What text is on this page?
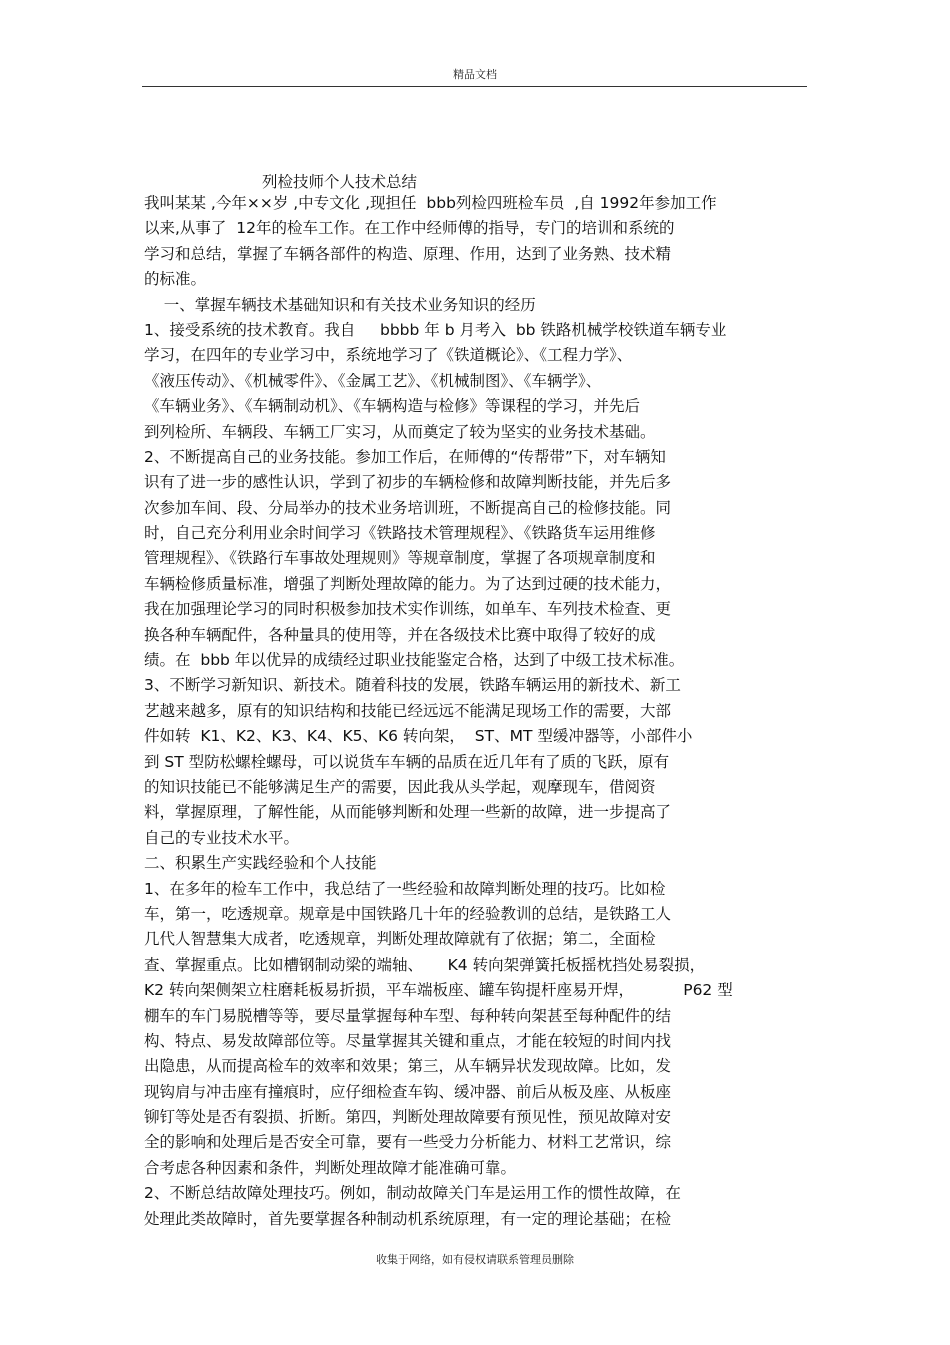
精品文档
列检技师个人技术总结
我叫某某 ,今年××岁 ,中专文化 ,现担任  bbb列检四班检车员  ,自 1992年参加工作
以来,从事了  12年的检车工作。在工作中经师傅的指导，专门的培训和系统的
学习和总结，掌握了车辆各部件的构造、原理、作用，达到了业务熟、技术精
的标准。
一、掌握车辆技术基础知识和有关技术业务知识的经历
1、接受系统的技术教育。我自     bbbb 年 b 月考入  bb 铁路机械学校铁道车辆专业
学习，在四年的专业学习中，系统地学习了《铁道概论》、《工程力学》、
《液压传动》、《机械零件》、《金属工艺》、《机械制图》、《车辆学》、
《车辆业务》、《车辆制动机》、《车辆构造与检修》等课程的学习，并先后
到列检所、车辆段、车辆工厂实习，从而奠定了较为坚实的业务技术基础。
2、不断提高自己的业务技能。参加工作后，在师傅的“传帮带”下，对车辆知
识有了进一步的感性认识，学到了初步的车辆检修和故障判断技能，并先后多
次参加车间、段、分局举办的技术业务培训班，不断提高自己的检修技能。同
时，自己充分利用业余时间学习《铁路技术管理规程》、《铁路货车运用维修
管理规程》、《铁路行车事故处理规则》等规章制度，掌握了各项规章制度和
车辆检修质量标准，增强了判断处理故障的能力。为了达到过硬的技术能力，
我在加强理论学习的同时积极参加技术实作训练，如单车、车列技术检查、更
换各种车辆配件，各种量具的使用等，并在各级技术比赛中取得了较好的成
绩。在  bbb 年以优异的成绩经过职业技能鉴定合格，达到了中级工技术标准。
3、不断学习新知识、新技术。随着科技的发展，铁路车辆运用的新技术、新工
艺越来越多，原有的知识结构和技能已经远远不能满足现场工作的需要，大部
件如转  K1、K2、K3、K4、K5、K6 转向架，  ST、MT 型缓冲器等，小部件小
到 ST 型防松螺栓螺母，可以说货车车辆的品质在近几年有了质的飞跃，原有
的知识技能已不能够满足生产的需要，因此我从头学起，观摩现车，借阅资
料，掌握原理，了解性能，从而能够判断和处理一些新的故障，进一步提高了
自己的专业技术水平。
二、积累生产实践经验和个人技能
1、在多年的检车工作中，我总结了一些经验和故障判断处理的技巧。比如检
车，第一，吃透规章。规章是中国铁路几十年的经验教训的总结，是铁路工人
几代人智慧集大成者，吃透规章，判断处理故障就有了依据；第二，全面检
查、掌握重点。比如槽钢制动梁的端轴、     K4 转向架弹簧托板摇枕挡处易裂损，
K2 转向架侧架立柱磨耗板易折损，平车端板座、罐车钩提杆座易开焊，          P62 型
棚车的车门易脱槽等等，要尽量掌握每种车型、每种转向架甚至每种配件的结
构、特点、易发故障部位等。尽量掌握其关键和重点，才能在较短的时间内找
出隐患，从而提高检车的效率和效果；第三，从车辆异状发现故障。比如，发
现钩肩与冲击座有撞痕时，应仔细检查车钩、缓冲器、前后从板及座、从板座
铆钉等处是否有裂损、折断。第四，判断处理故障要有预见性，预见故障对安
全的影响和处理后是否安全可靠，要有一些受力分析能力、材料工艺常识，综
合考虑各种因素和条件，判断处理故障才能准确可靠。
2、不断总结故障处理技巧。例如，制动故障关门车是运用工作的惯性故障，在
处理此类故障时，首先要掌握各种制动机系统原理，有一定的理论基础；在检
收集于网络，如有侵权请联系管理员删除
